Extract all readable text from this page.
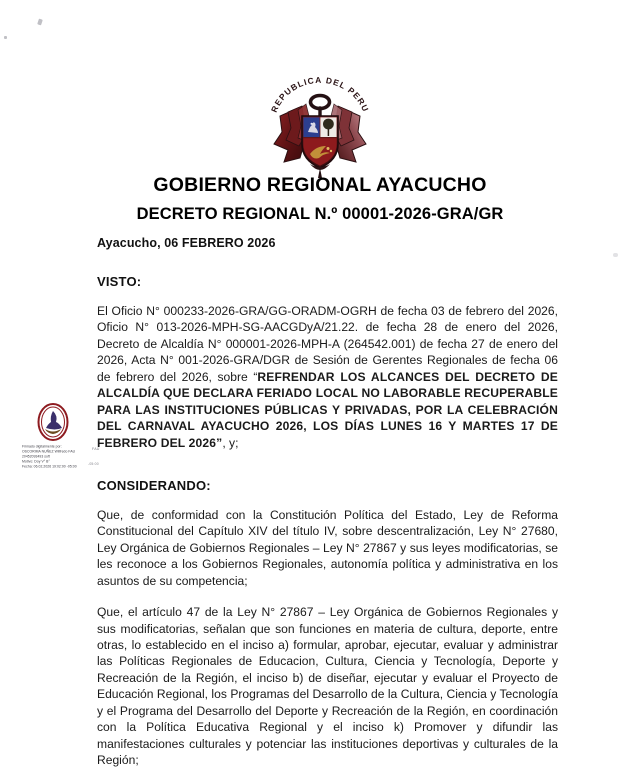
REPUBLICA DEL PERU
GOBIERNO REGIONAL AYACUCHO
DECRETO REGIONAL N.º 00001-2026-GRA/GR
Firmado digitalmente por:
OSCORIMA NUÑEZ Wilfredo FAU
20452093493 soft
Motivo: Doy V° B°
Fecha: 06.02.2026 19:02:00 -05:00
FAU
-05:00

Ayacucho, 06 FEBRERO 2026

VISTO:

El Oficio N° 000233-2026-GRA/GG-ORADM-OGRH de fecha 03 de febrero del 2026, Oficio N° 013-2026-MPH-SG-AACGDyA/21.22. de fecha 28 de enero del 2026, Decreto de Alcaldía N° 000001-2026-MPH-A (264542.001) de fecha 27 de enero del 2026, Acta N° 001-2026-GRA/DGR de Sesión de Gerentes Regionales de fecha 06 de febrero del 2026, sobre “REFRENDAR LOS ALCANCES DEL DECRETO DE ALCALDÍA QUE DECLARA FERIADO LOCAL NO LABORABLE RECUPERABLE PARA LAS INSTITUCIONES PÚBLICAS Y PRIVADAS, POR LA CELEBRACIÓN DEL CARNAVAL AYACUCHO 2026, LOS DÍAS LUNES 16 Y MARTES 17 DE FEBRERO DEL 2026”, y;

CONSIDERANDO:

Que, de conformidad con la Constitución Política del Estado, Ley de Reforma Constitucional del Capítulo XIV del título IV, sobre descentralización, Ley N° 27680, Ley Orgánica de Gobiernos Regionales – Ley N° 27867 y sus leyes modificatorias, se les reconoce a los Gobiernos Regionales, autonomía política y administrativa en los asuntos de su competencia;

Que, el artículo 47 de la Ley N° 27867 – Ley Orgánica de Gobiernos Regionales y sus modificatorias, señalan que son funciones en materia de cultura, deporte, entre otras, lo establecido en el inciso a) formular, aprobar, ejecutar, evaluar y administrar las Políticas Regionales de Educacion, Cultura, Ciencia y Tecnología, Deporte y Recreación de la Región, el inciso b) de diseñar, ejecutar y evaluar el Proyecto de Educación Regional, los Programas del Desarrollo de la Cultura, Ciencia y Tecnología y el Programa del Desarrollo del Deporte y Recreación de la Región, en coordinación con la Política Educativa Regional y el inciso k) Promover y difundir las manifestaciones culturales y potenciar las instituciones deportivas y culturales de la Región;
